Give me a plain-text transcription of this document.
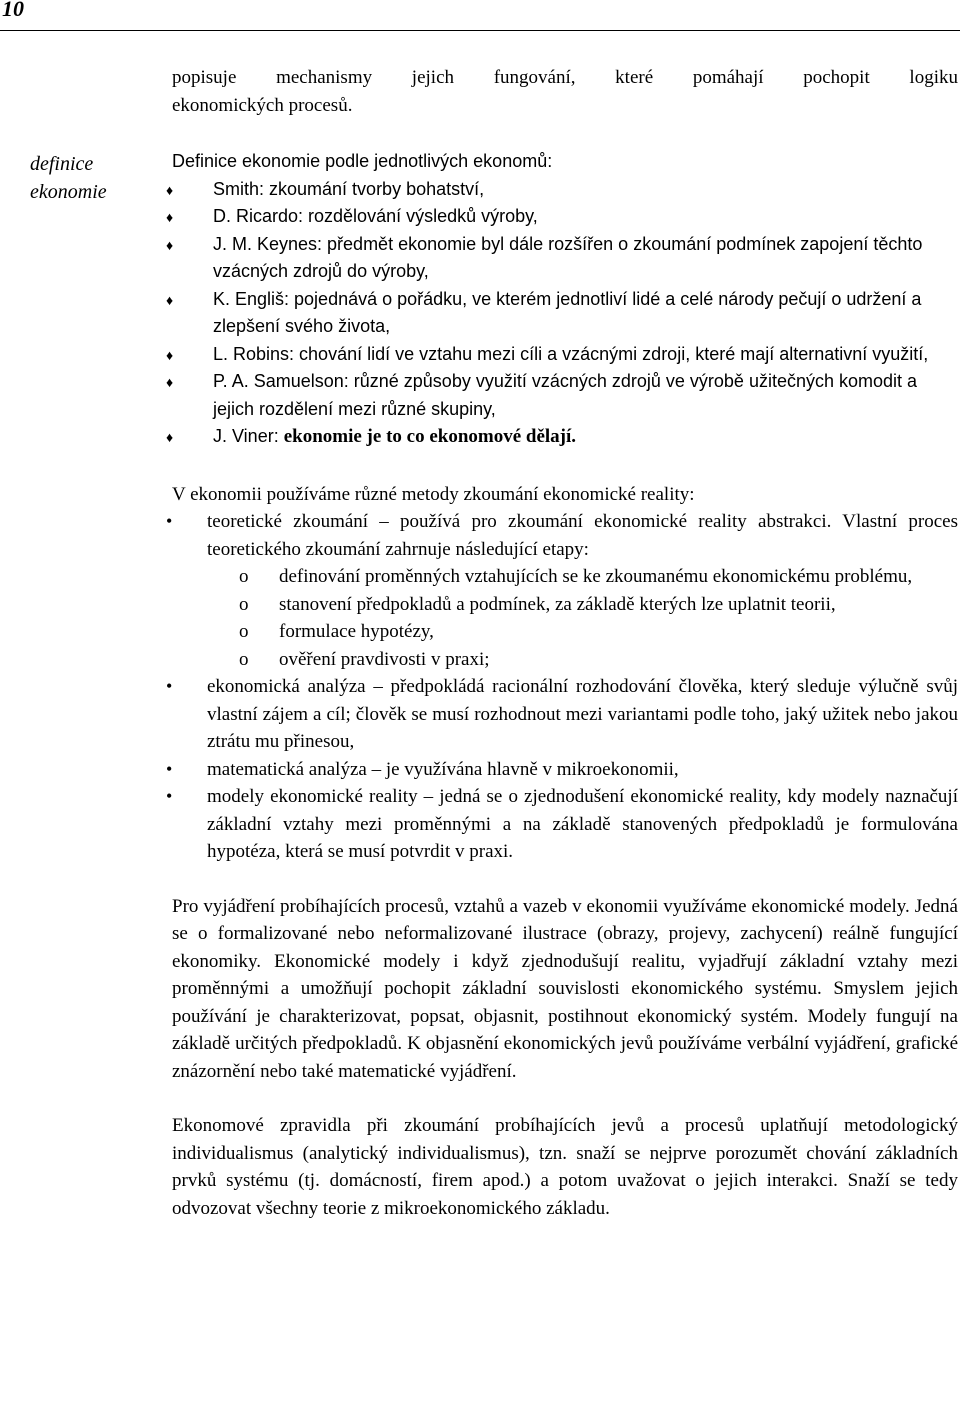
10
definice
ekonomie

popisuje mechanismy jejich fungování, které pomáhají pochopit logiku

ekonomických procesů.

Definice ekonomie podle jednotlivých ekonomů:

♦ Smith: zkoumání tvorby bohatství,
♦ D. Ricardo: rozdělování výsledků výroby,
♦ J. M. Keynes: předmět ekonomie byl dále rozšířen o zkoumání podmínek zapojení těchto vzácných zdrojů do výroby,
♦ K. Engliš: pojednává o pořádku, ve kterém jednotliví lidé a celé národy pečují o udržení a zlepšení svého života,
♦ L. Robins: chování lidí ve vztahu mezi cíli a vzácnými zdroji, které mají alternativní využití,
♦ P. A. Samuelson: různé způsoby využití vzácných zdrojů ve výrobě užitečných komodit a jejich rozdělení mezi různé skupiny,
♦ J. Viner: ekonomie je to co ekonomové dělají.

V ekonomii používáme různé metody zkoumání ekonomické reality:

• teoretické zkoumání – používá pro zkoumání ekonomické reality abstrakci. Vlastní proces teoretického zkoumání zahrnuje následující etapy:
o definování proměnných vztahujících se ke zkoumanému ekonomickému problému,
o stanovení předpokladů a podmínek, za základě kterých lze uplatnit teorii,
o formulace hypotézy,
o ověření pravdivosti v praxi;
• ekonomická analýza – předpokládá racionální rozhodování člověka, který sleduje výlučně svůj vlastní zájem a cíl; člověk se musí rozhodnout mezi variantami podle toho, jaký užitek nebo jakou ztrátu mu přinesou,
• matematická analýza – je využívána hlavně v mikroekonomii,
• modely ekonomické reality – jedná se o zjednodušení ekonomické reality, kdy modely naznačují základní vztahy mezi proměnnými a na základě stanovených předpokladů je formulována hypotéza, která se musí potvrdit v praxi.

Pro vyjádření probíhajících procesů, vztahů a vazeb v ekonomii využíváme ekonomické modely. Jedná se o formalizované nebo neformalizované ilustrace (obrazy, projevy, zachycení) reálně fungující ekonomiky. Ekonomické modely i když zjednodušují realitu, vyjadřují základní vztahy mezi proměnnými a umožňují pochopit základní souvislosti ekonomického systému. Smyslem jejich používání je charakterizovat, popsat, objasnit, postihnout ekonomický systém. Modely fungují na základě určitých předpokladů. K objasnění ekonomických jevů používáme verbální vyjádření, grafické znázornění nebo také matematické vyjádření.

Ekonomové zpravidla při zkoumání probíhajících jevů a procesů uplatňují metodologický individualismus (analytický individualismus), tzn. snaží se nejprve porozumět chování základních prvků systému (tj. domácností, firem apod.) a potom uvažovat o jejich interakci. Snaží se tedy odvozovat všechny teorie z mikroekonomického základu.
